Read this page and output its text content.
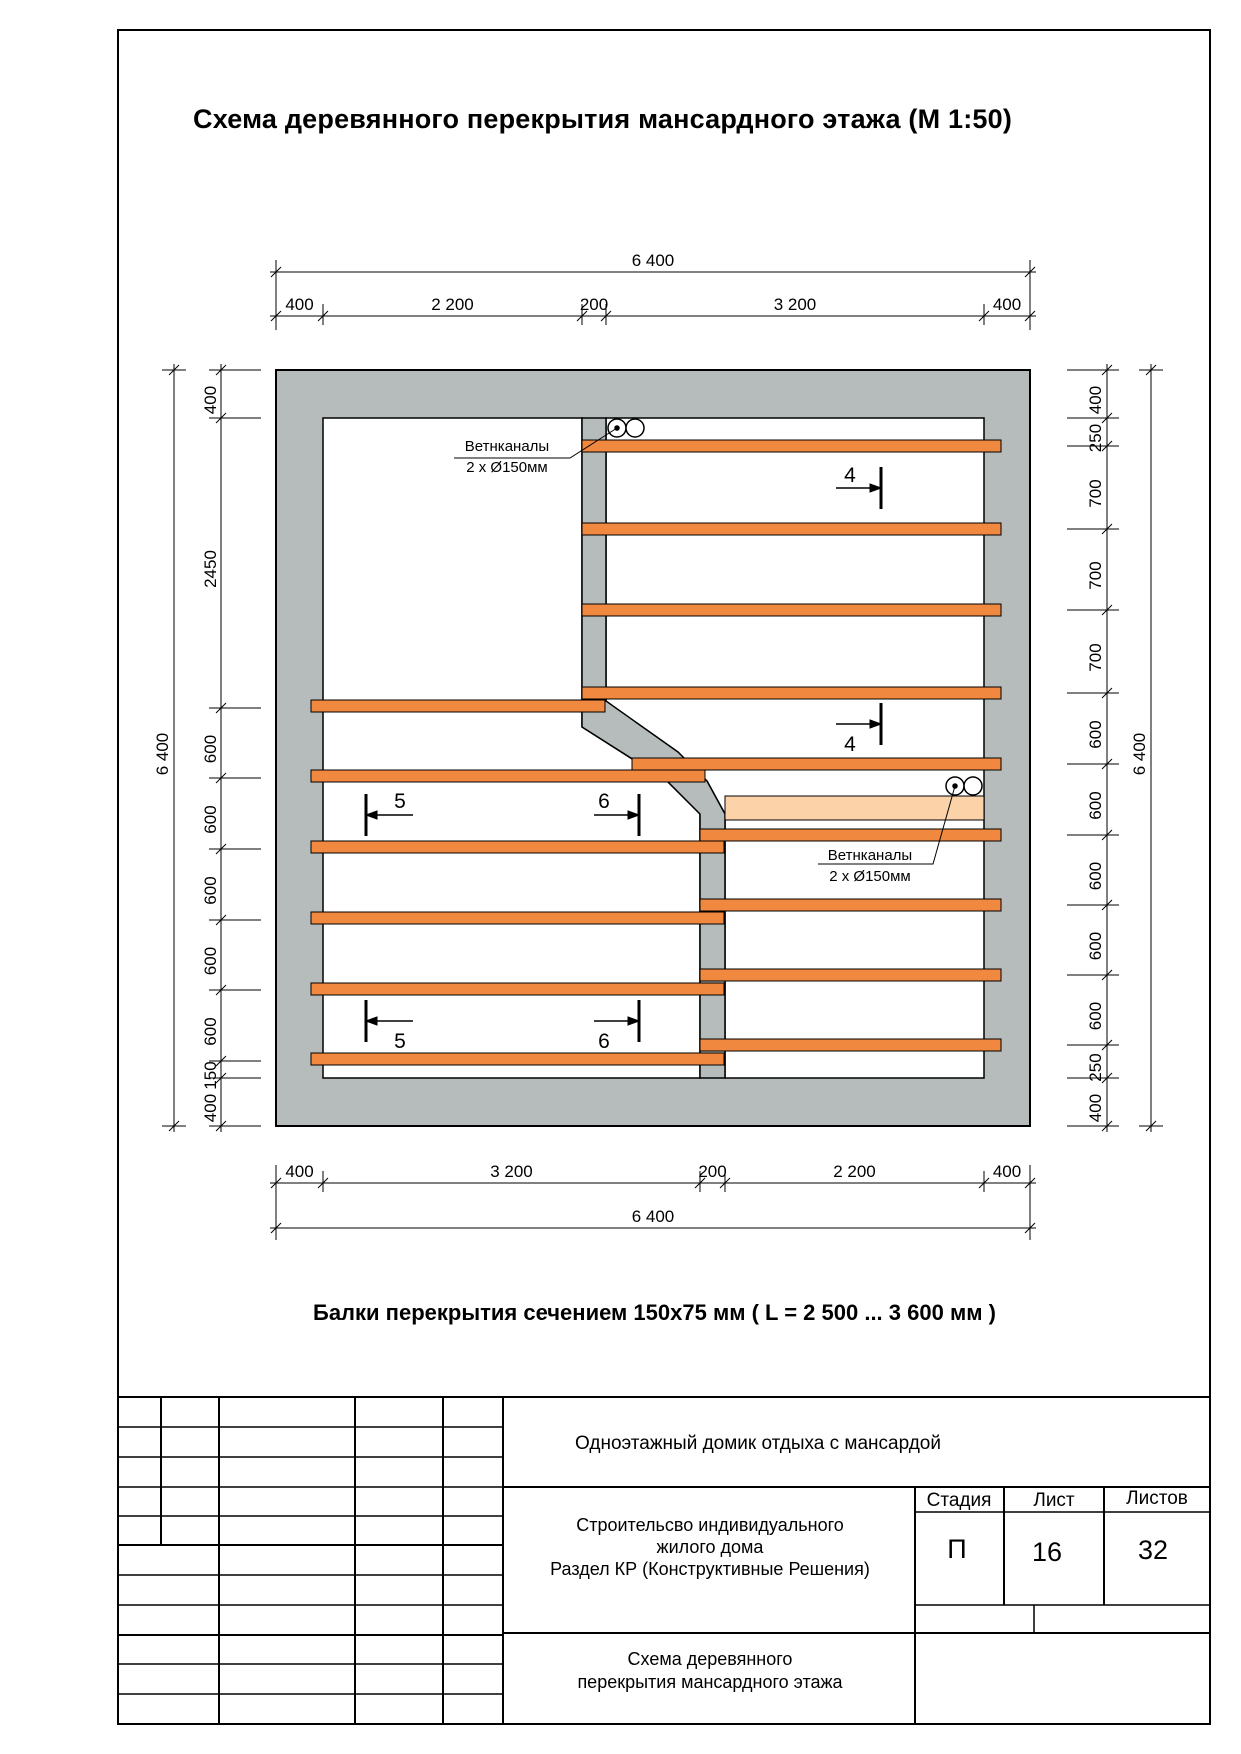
Схема деревянного перекрытия мансардного этажа (М 1:50)
Балки перекрытия сечением 150х75 мм ( L = 2 500 ... 3 600 мм )
Ветнканалы
2 х Ø150мм
Ветнканалы
2 х Ø150мм
4
4
5	6
5	6
6 400
400	2 200	200	3 200	400
400	3 200	200	2 200	400
6 400
6 400
400
2450
600
600
600
600
600
150
400
400
250
700
700
700
600
600
600
600
600
250
400
6 400
Одноэтажный домик отдыха с мансардой
Стадия Лист	Листов
П 16	32
Строительсво индивидуального
жилого дома
Раздел КР (Конструктивные Решения)
Схема деревянного
перекрытия мансардного этажа
